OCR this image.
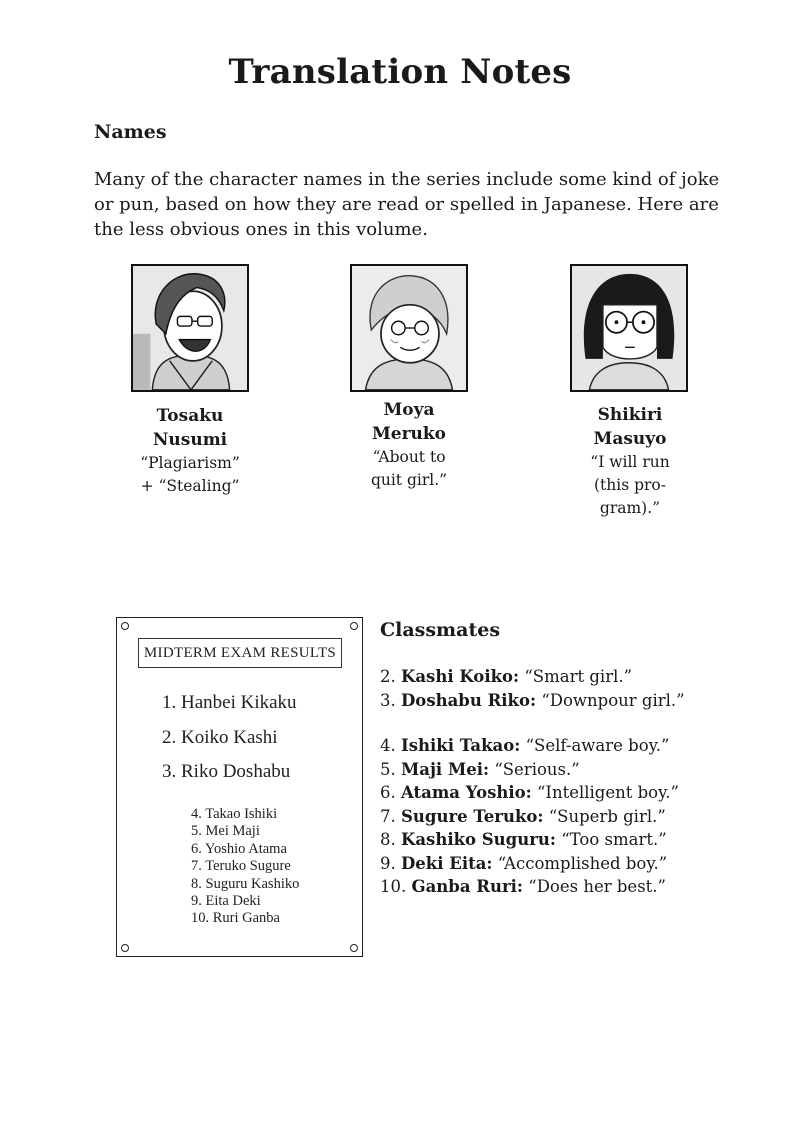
Translation Notes
Names
Many of the character names in the series include some kind of joke or pun, based on how they are read or spelled in Japanese. Here are the less obvious ones in this volume.
Tosaku
Nusumi
“Plagiarism”
+ “Stealing”
Moya
Meruko
“About to
quit girl.”
Shikiri
Masuyo
“I will run
(this pro-
gram).”
MIDTERM EXAM RESULTS
1. Hanbei Kikaku
2. Koiko Kashi
3. Riko Doshabu
4. Takao Ishiki
5. Mei Maji
6. Yoshio Atama
7. Teruko Sugure
8. Suguru Kashiko
9. Eita Deki
10. Ruri Ganba
Classmates
2. Kashi Koiko: “Smart girl.”
3. Doshabu Riko: “Downpour girl.”
4. Ishiki Takao: “Self-aware boy.”
5. Maji Mei: “Serious.”
6. Atama Yoshio: “Intelligent boy.”
7. Sugure Teruko: “Superb girl.”
8. Kashiko Suguru: “Too smart.”
9. Deki Eita: “Accomplished boy.”
10. Ganba Ruri: “Does her best.”
